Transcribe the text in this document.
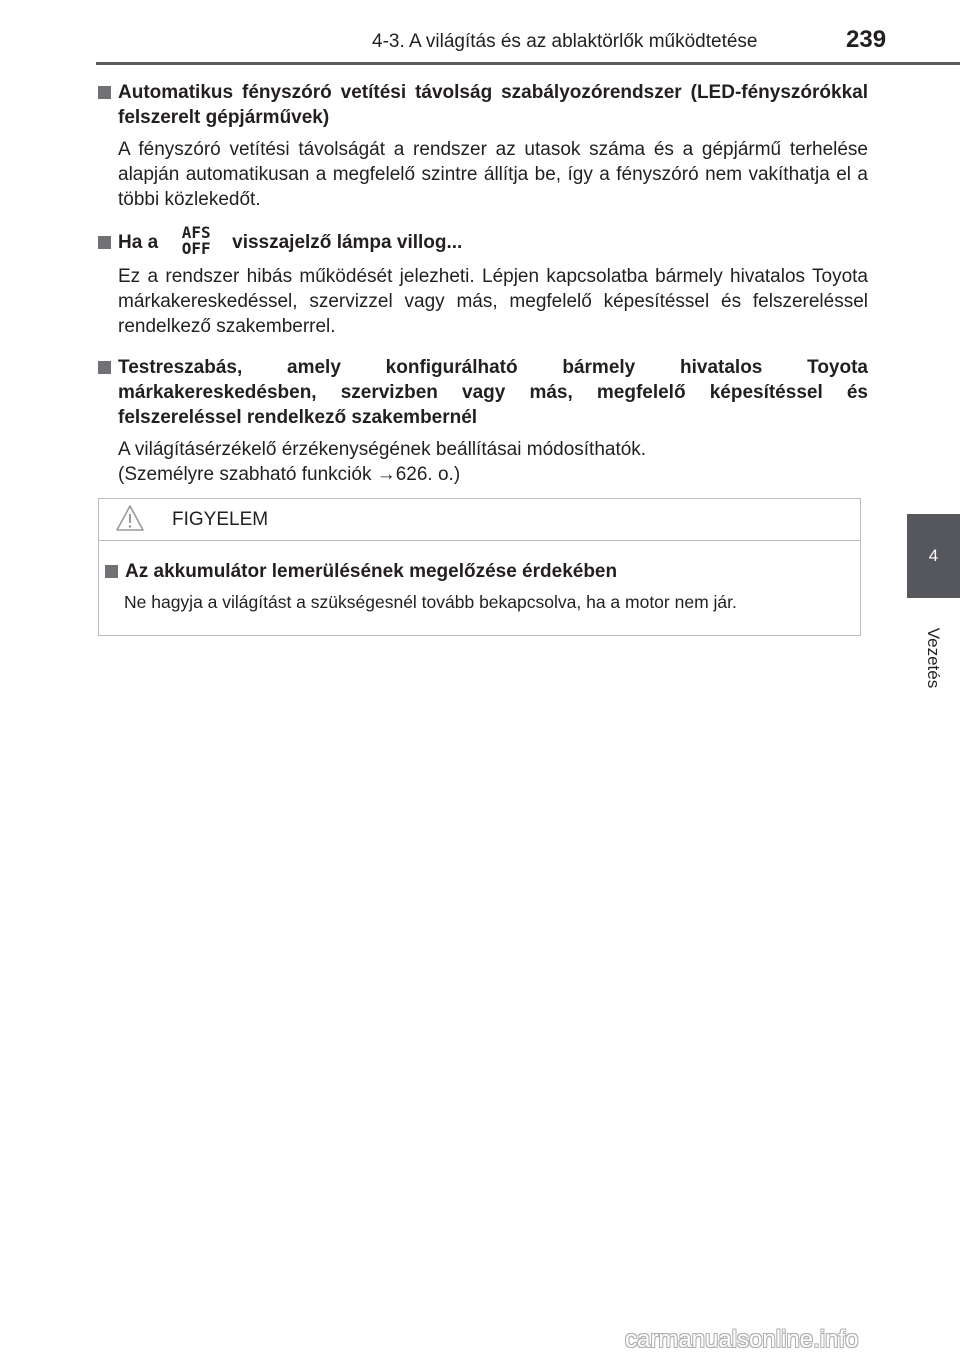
4-3. A világítás és az ablaktörlők működtetése	239
4
Vezetés
Automatikus fényszóró vetítési távolság szabályozórendszer (LED-fényszórókkal felszerelt gépjárművek)
A fényszóró vetítési távolságát a rendszer az utasok száma és a gépjármű terhelése alapján automatikusan a megfelelő szintre állítja be, így a fényszóró nem vakíthatja el a többi közlekedőt.
Ha a	AFS
OFF visszajelző lámpa villog...
Ez a rendszer hibás működését jelezheti. Lépjen kapcsolatba bármely hivatalos Toyota márkakereskedéssel, szervizzel vagy más, megfelelő képesítéssel és felszereléssel rendelkező szakemberrel.
Testreszabás, amely konfigurálható bármely hivatalos Toyota márkakereskedésben, szervizben vagy más, megfelelő képesítéssel és felszereléssel rendelkező szakembernél
A világításérzékelő érzékenységének beállításai módosíthatók.
(Személyre szabható funkciók →626. o.)
FIGYELEM
Az akkumulátor lemerülésének megelőzése érdekében
Ne hagyja a világítást a szükségesnél tovább bekapcsolva, ha a motor nem jár.
carmanualsonline.info
